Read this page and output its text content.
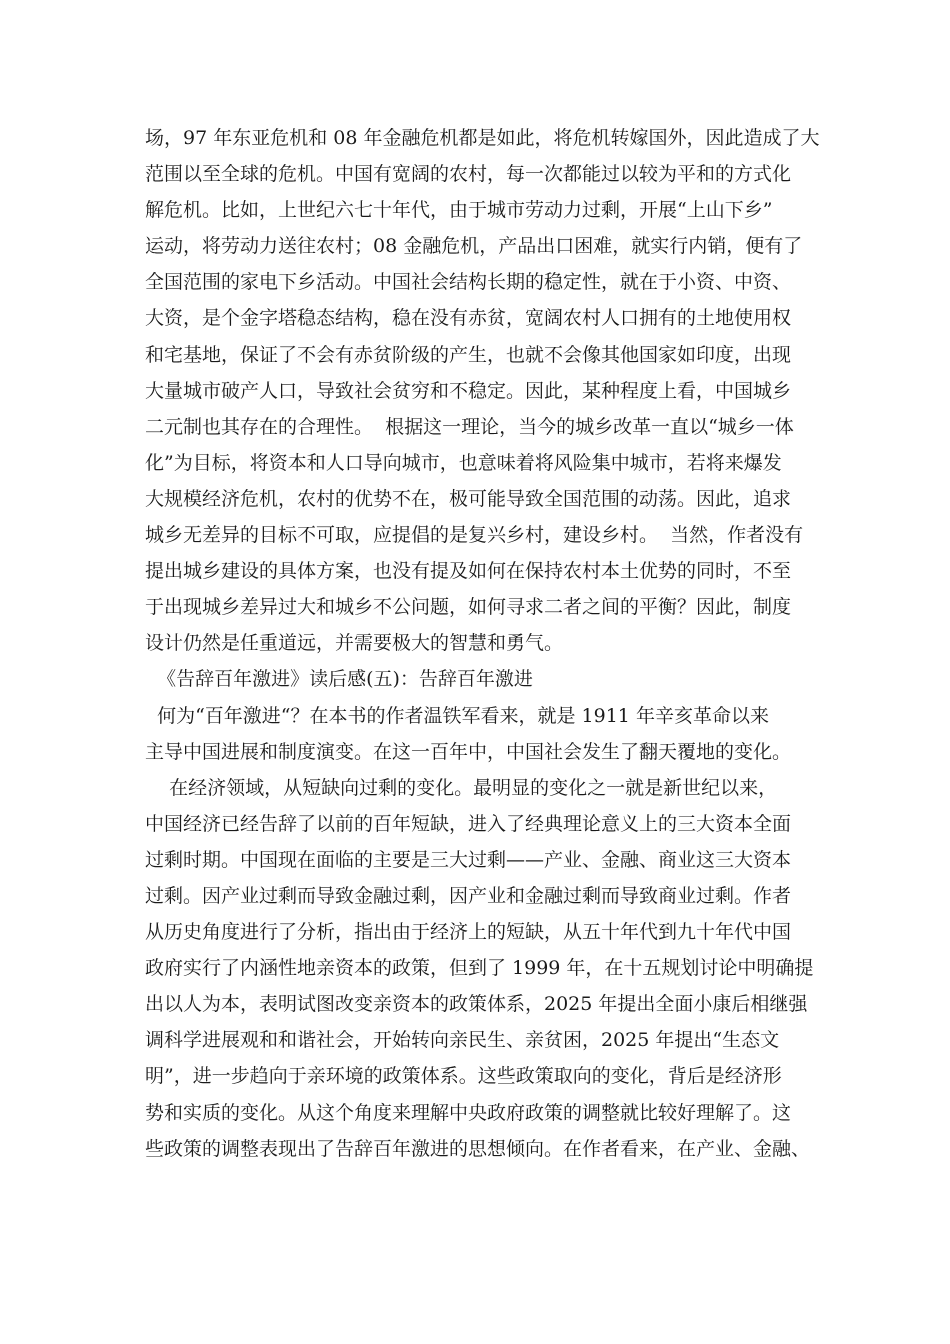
场，97 年东亚危机和 08 年金融危机都是如此，将危机转嫁国外，因此造成了大
范围以至全球的危机。中国有宽阔的农村，每一次都能过以较为平和的方式化
解危机。比如，上世纪六七十年代，由于城市劳动力过剩，开展“上山下乡”
运动，将劳动力送往农村；08 金融危机，产品出口困难，就实行内销，便有了
全国范围的家电下乡活动。中国社会结构长期的稳定性，就在于小资、中资、
大资，是个金字塔稳态结构，稳在没有赤贫，宽阔农村人口拥有的土地使用权
和宅基地，保证了不会有赤贫阶级的产生，也就不会像其他国家如印度，出现
大量城市破产人口，导致社会贫穷和不稳定。因此，某种程度上看，中国城乡
二元制也其存在的合理性。  根据这一理论，当今的城乡改革一直以“城乡一体
化”为目标，将资本和人口导向城市，也意味着将风险集中城市，若将来爆发
大规模经济危机，农村的优势不在，极可能导致全国范围的动荡。因此，追求
城乡无差异的目标不可取，应提倡的是复兴乡村，建设乡村。  当然，作者没有
提出城乡建设的具体方案，也没有提及如何在保持农村本土优势的同时，不至
于出现城乡差异过大和城乡不公问题，如何寻求二者之间的平衡？因此，制度
设计仍然是任重道远，并需要极大的智慧和勇气。
《告辞百年激进》读后感(五)：告辞百年激进
何为“百年激进“？在本书的作者温铁军看来，就是 1911 年辛亥革命以来
主导中国进展和制度演变。在这一百年中，中国社会发生了翻天覆地的变化。
在经济领域，从短缺向过剩的变化。最明显的变化之一就是新世纪以来，
中国经济已经告辞了以前的百年短缺，进入了经典理论意义上的三大资本全面
过剩时期。中国现在面临的主要是三大过剩——产业、金融、商业这三大资本
过剩。因产业过剩而导致金融过剩，因产业和金融过剩而导致商业过剩。作者
从历史角度进行了分析，指出由于经济上的短缺，从五十年代到九十年代中国
政府实行了内涵性地亲资本的政策，但到了 1999 年，在十五规划讨论中明确提
出以人为本，表明试图改变亲资本的政策体系，2025 年提出全面小康后相继强
调科学进展观和和谐社会，开始转向亲民生、亲贫困，2025 年提出“生态文
明”，进一步趋向于亲环境的政策体系。这些政策取向的变化，背后是经济形
势和实质的变化。从这个角度来理解中央政府政策的调整就比较好理解了。这
些政策的调整表现出了告辞百年激进的思想倾向。在作者看来，在产业、金融、
